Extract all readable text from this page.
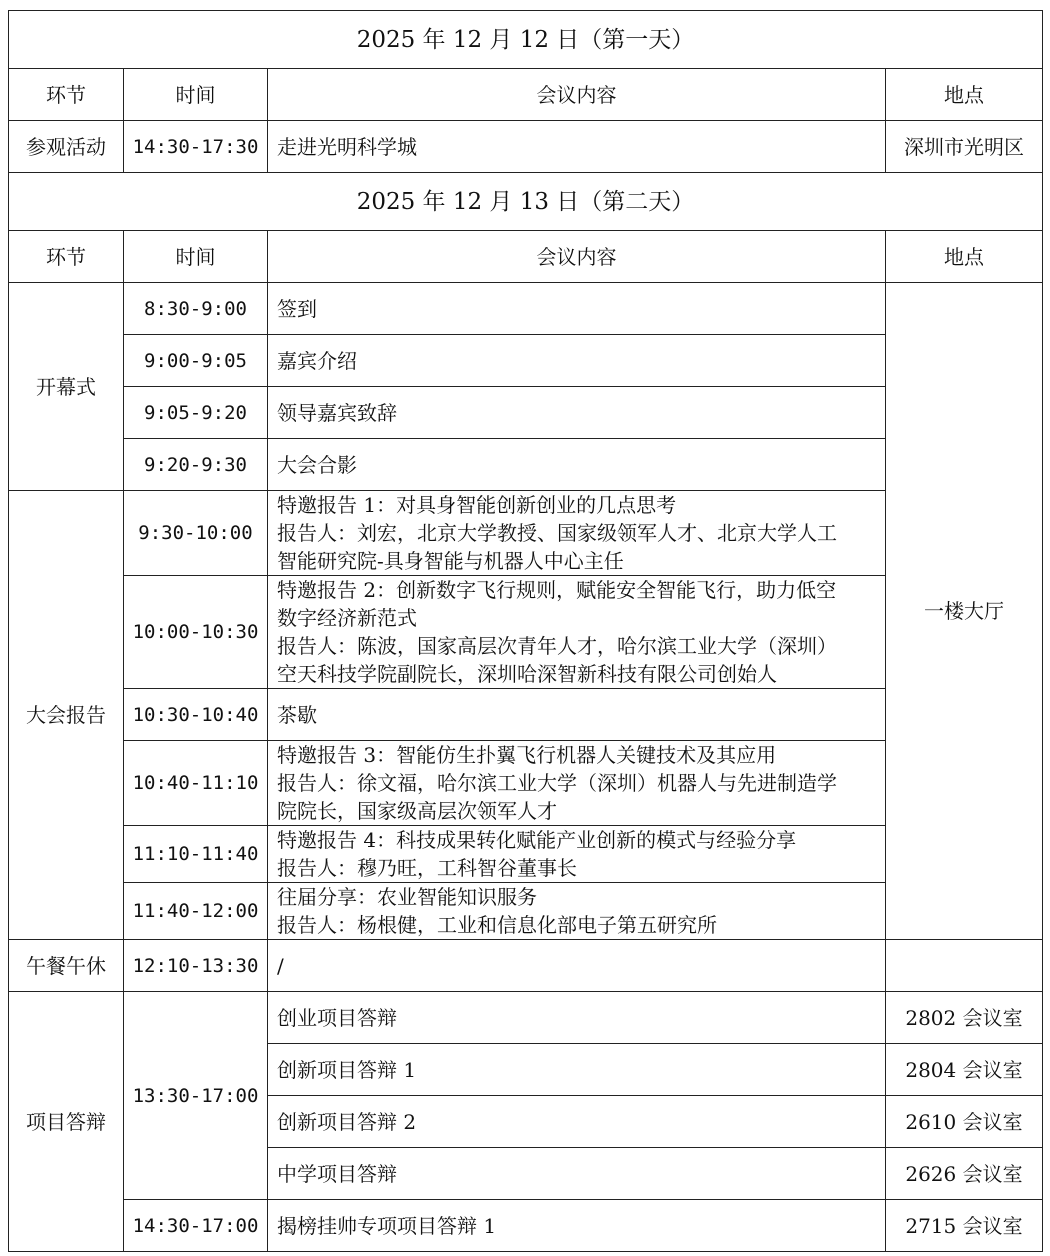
2025 年 12 月 12 日（第一天）			
环节	时间	会议内容	地点
参观活动	14:30-17:30	走进光明科学城	深圳市光明区
2025 年 12 月 13 日（第二天）			
环节	时间	会议内容	地点
开幕式	8:30-9:00	签到	一楼大厅
	9:00-9:05	嘉宾介绍	

	9:05-9:20	领导嘉宾致辞	

	9:20-9:30	大会合影	

大会报告	9:30-10:00	特邀报告 1：对具身智能创新创业的几点思考
报告人：刘宏，北京大学教授、国家级领军人才、北京大学人工
智能研究院-具身智能与机器人中心主任	

	10:00-10:30	特邀报告 2：创新数字飞行规则，赋能安全智能飞行，助力低空
数字经济新范式
报告人：陈波，国家高层次青年人才，哈尔滨工业大学（深圳）
空天科技学院副院长，深圳哈深智新科技有限公司创始人	

	10:30-10:40	茶歇	

	10:40-11:10	特邀报告 3：智能仿生扑翼飞行机器人关键技术及其应用
报告人：徐文福，哈尔滨工业大学（深圳）机器人与先进制造学
院院长，国家级高层次领军人才	

	11:10-11:40	特邀报告 4：科技成果转化赋能产业创新的模式与经验分享
报告人：穆乃旺，工科智谷董事长	

	11:40-12:00	往届分享：农业智能知识服务
报告人：杨根健，工业和信息化部电子第五研究所	

午餐午休	12:10-13:30	/	
项目答辩	13:30-17:00	创业项目答辩	2802 会议室
		创新项目答辩 1	2804 会议室
		创新项目答辩 2	2610 会议室
		中学项目答辩	2626 会议室
	14:30-17:00	揭榜挂帅专项项目答辩 1	2715 会议室
